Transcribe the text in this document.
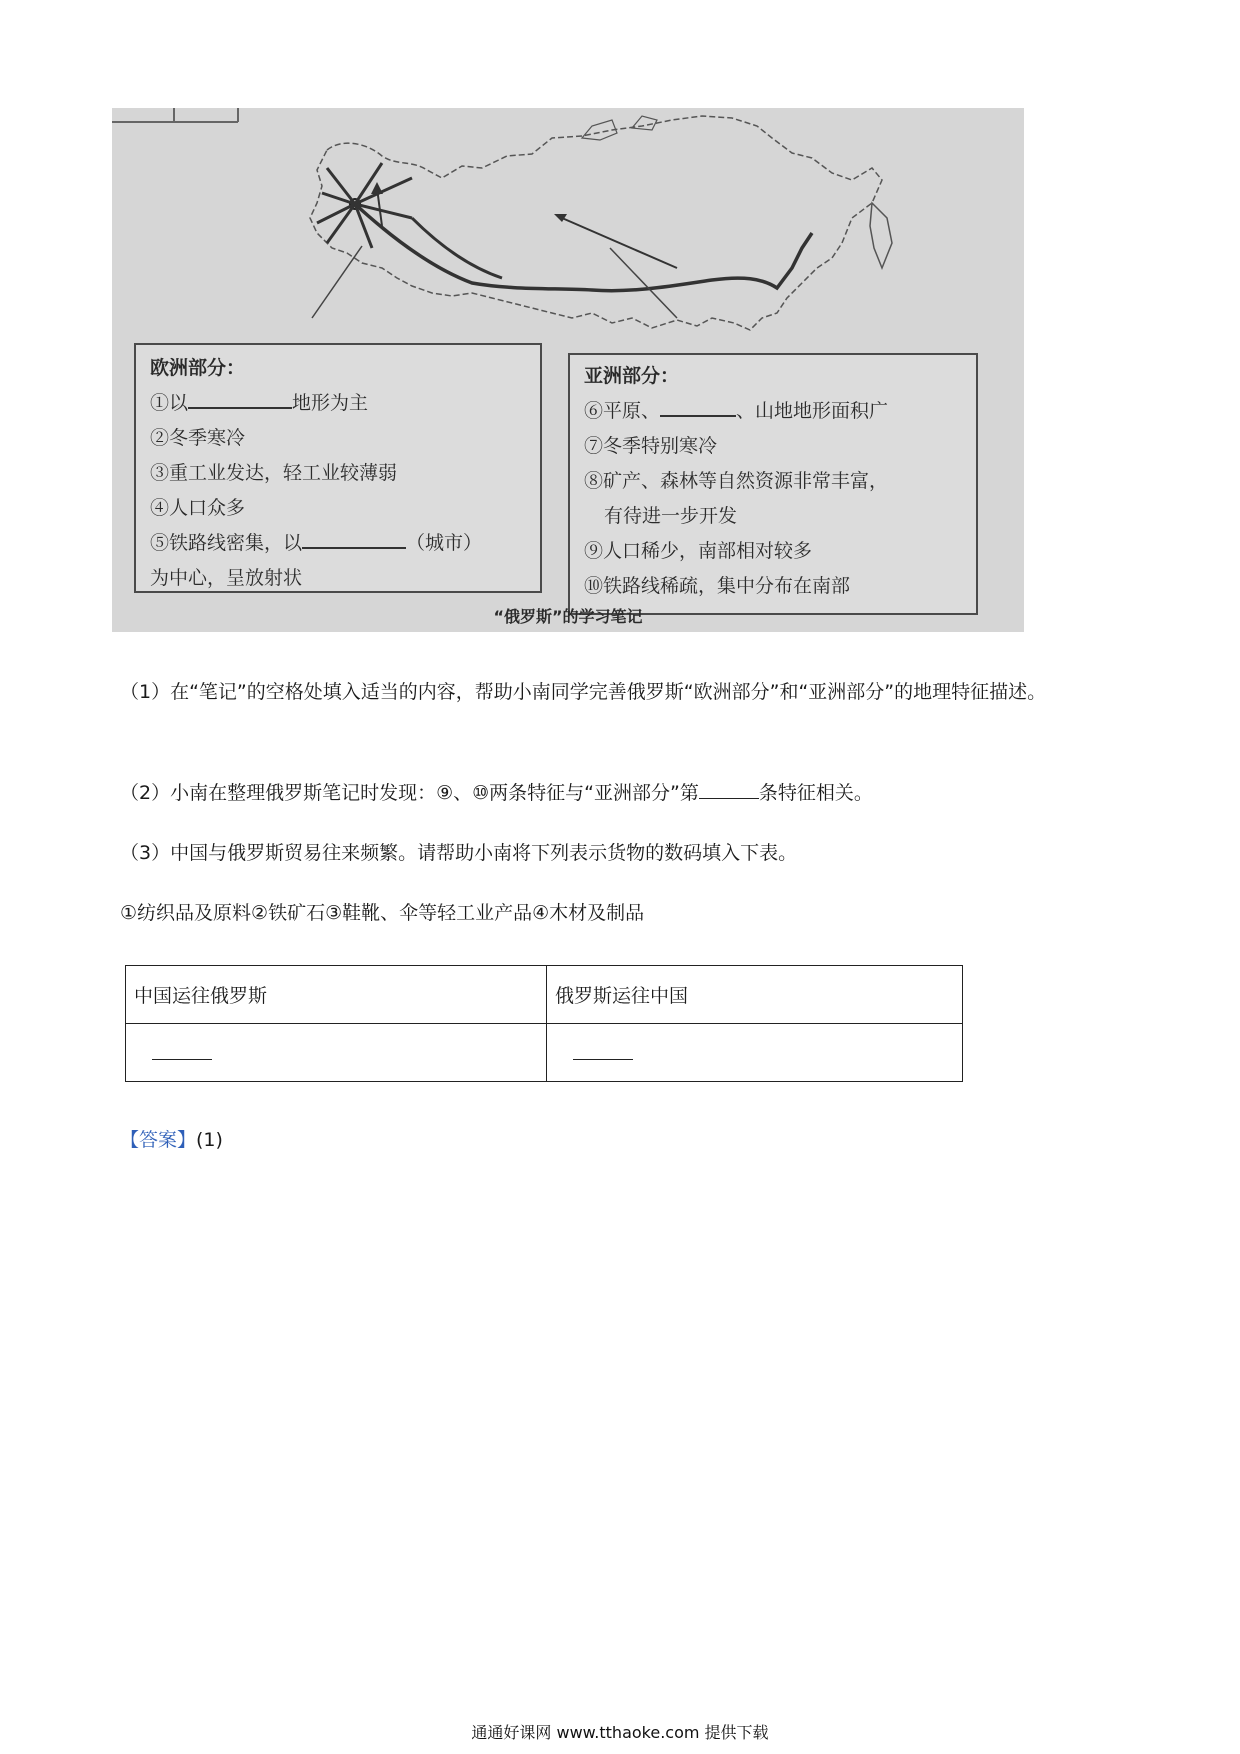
欧洲部分：
①以	地形为主
②冬季寒冷
③重工业发达，轻工业较薄弱
④人口众多
⑤铁路线密集，以	（城市）
为中心，呈放射状
亚洲部分：
⑥平原、	、山地地形面积广
⑦冬季特别寒冷
⑧矿产、森林等自然资源非常丰富，
有待进一步开发
⑨人口稀少，南部相对较多
⑩铁路线稀疏，集中分布在南部
“俄罗斯”的学习笔记
（1）在“笔记”的空格处填入适当的内容，帮助小南同学完善俄罗斯“欧洲部分”和“亚洲部分”的地理特征描述。
（2）小南在整理俄罗斯笔记时发现：⑨、⑩两条特征与“亚洲部分”第	条特征相关。
（3）中国与俄罗斯贸易往来频繁。请帮助小南将下列表示货物的数码填入下表。
①纺织品及原料②铁矿石③鞋靴、伞等轻工业产品④木材及制品
中国运往俄罗斯	俄罗斯运往中国

【答案】(1)
通通好课网 www.tthaoke.com 提供下载
